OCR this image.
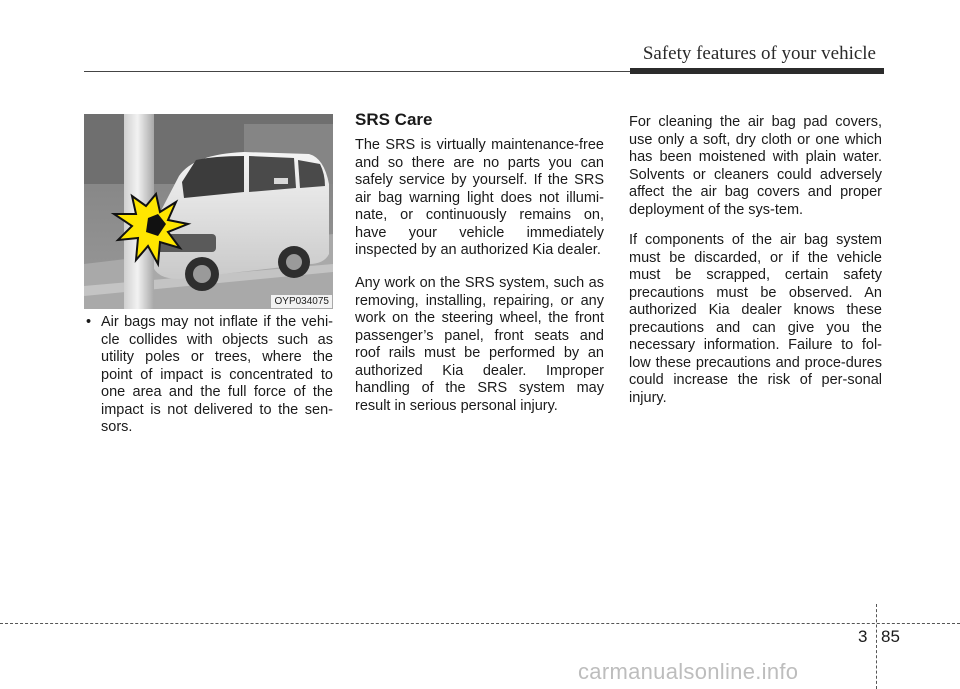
Safety features of your vehicle
OYP034075
• Air bags may not inflate if the vehi-cle collides with objects such as utility poles or trees, where the point of impact is concentrated to one area and the full force of the impact is not delivered to the sen-sors.

SRS Care

The SRS is virtually maintenance-free and so there are no parts you can safely service by yourself. If the SRS air bag warning light does not illumi-nate, or continuously remains on, have your vehicle immediately inspected by an authorized Kia dealer.

Any work on the SRS system, such as removing, installing, repairing, or any work on the steering wheel, the front passenger’s panel, front seats and roof rails must be performed by an authorized Kia dealer. Improper handling of the SRS system may result in serious personal injury.

For cleaning the air bag pad covers, use only a soft, dry cloth or one which has been moistened with plain water. Solvents or cleaners could adversely affect the air bag covers and proper deployment of the sys-tem.

If components of the air bag system must be discarded, or if the vehicle must be scrapped, certain safety precautions must be observed. An authorized Kia dealer knows these precautions and can give you the necessary information. Failure to fol-low these precautions and proce-dures could increase the risk of per-sonal injury.

3 85
carmanualsonline.info
